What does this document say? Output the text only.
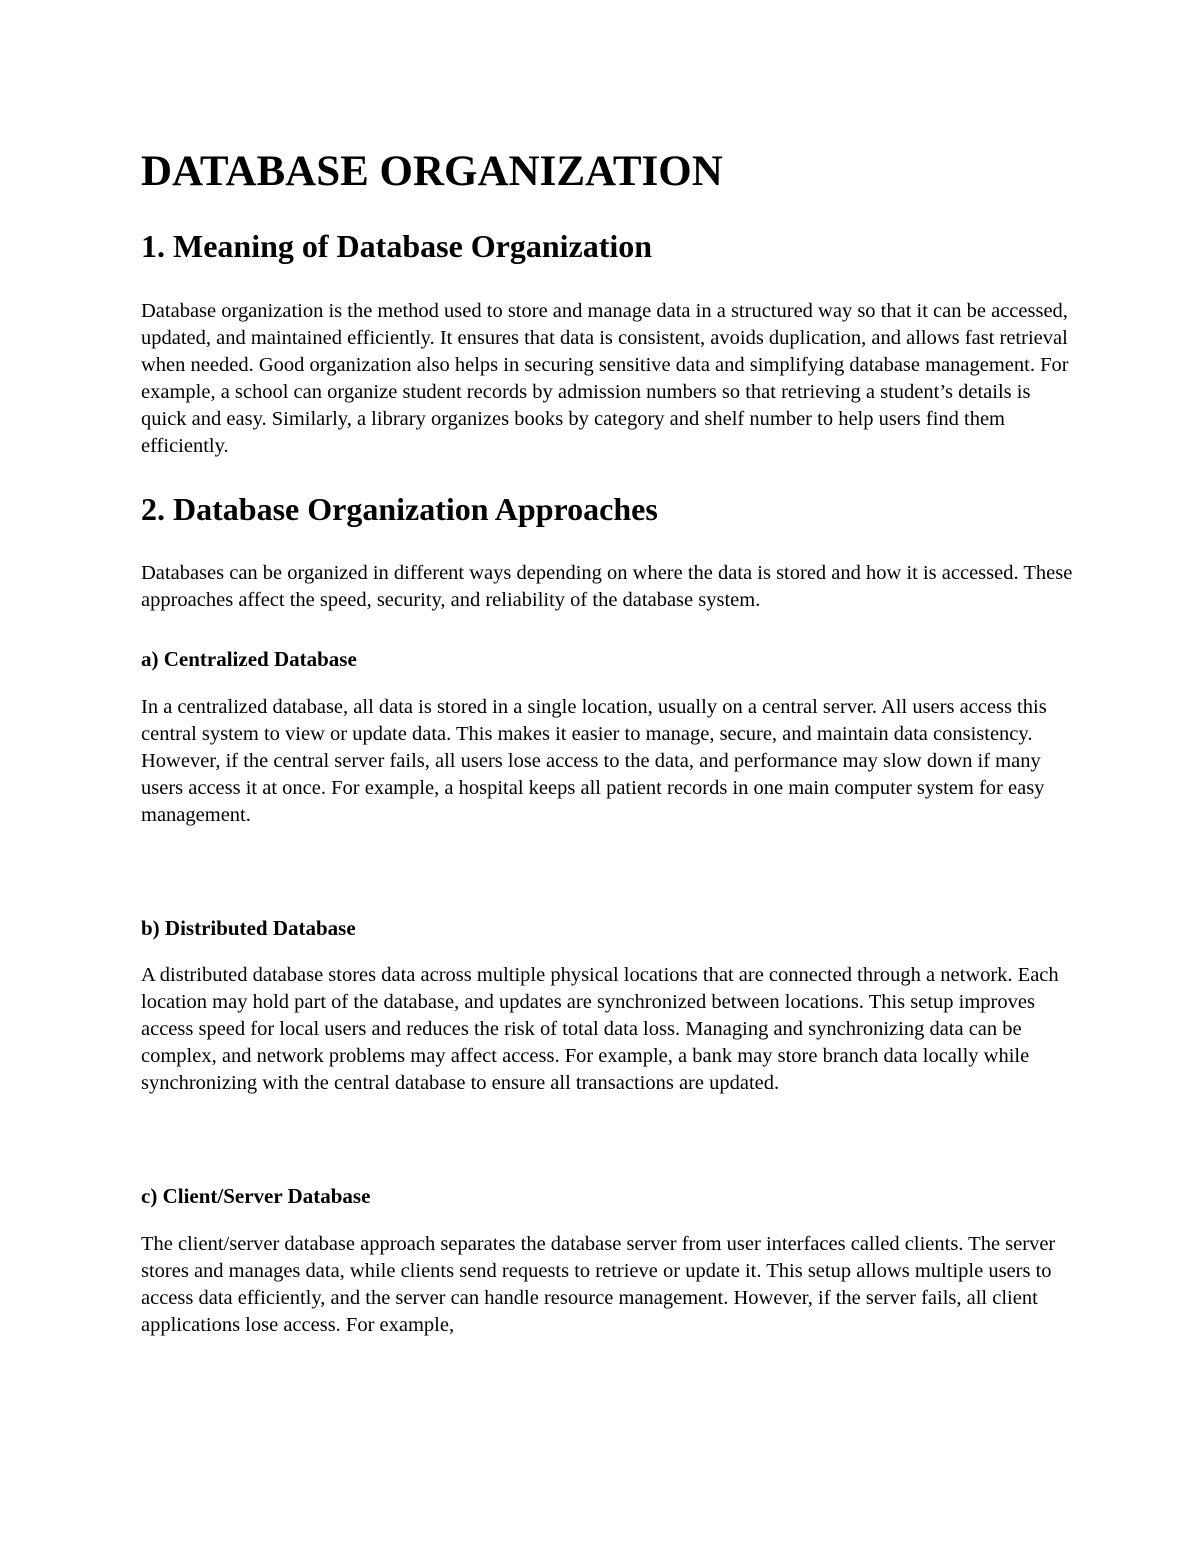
DATABASE ORGANIZATION
1. Meaning of Database Organization

Database organization is the method used to store and manage data in a structured way so that it can be accessed, updated, and maintained efficiently. It ensures that data is consistent, avoids duplication, and allows fast retrieval when needed. Good organization also helps in securing sensitive data and simplifying database management. For example, a school can organize student records by admission numbers so that retrieving a student’s details is quick and easy. Similarly, a library organizes books by category and shelf number to help users find them efficiently.

2. Database Organization Approaches

Databases can be organized in different ways depending on where the data is stored and how it is accessed. These approaches affect the speed, security, and reliability of the database system.

a) Centralized Database

In a centralized database, all data is stored in a single location, usually on a central server. All users access this central system to view or update data. This makes it easier to manage, secure, and maintain data consistency. However, if the central server fails, all users lose access to the data, and performance may slow down if many users access it at once. For example, a hospital keeps all patient records in one main computer system for easy management.

b) Distributed Database

A distributed database stores data across multiple physical locations that are connected through a network. Each location may hold part of the database, and updates are synchronized between locations. This setup improves access speed for local users and reduces the risk of total data loss. Managing and synchronizing data can be complex, and network problems may affect access. For example, a bank may store branch data locally while synchronizing with the central database to ensure all transactions are updated.

c) Client/Server Database

The client/server database approach separates the database server from user interfaces called clients. The server stores and manages data, while clients send requests to retrieve or update it. This setup allows multiple users to access data efficiently, and the server can handle resource management. However, if the server fails, all client applications lose access. For example,
